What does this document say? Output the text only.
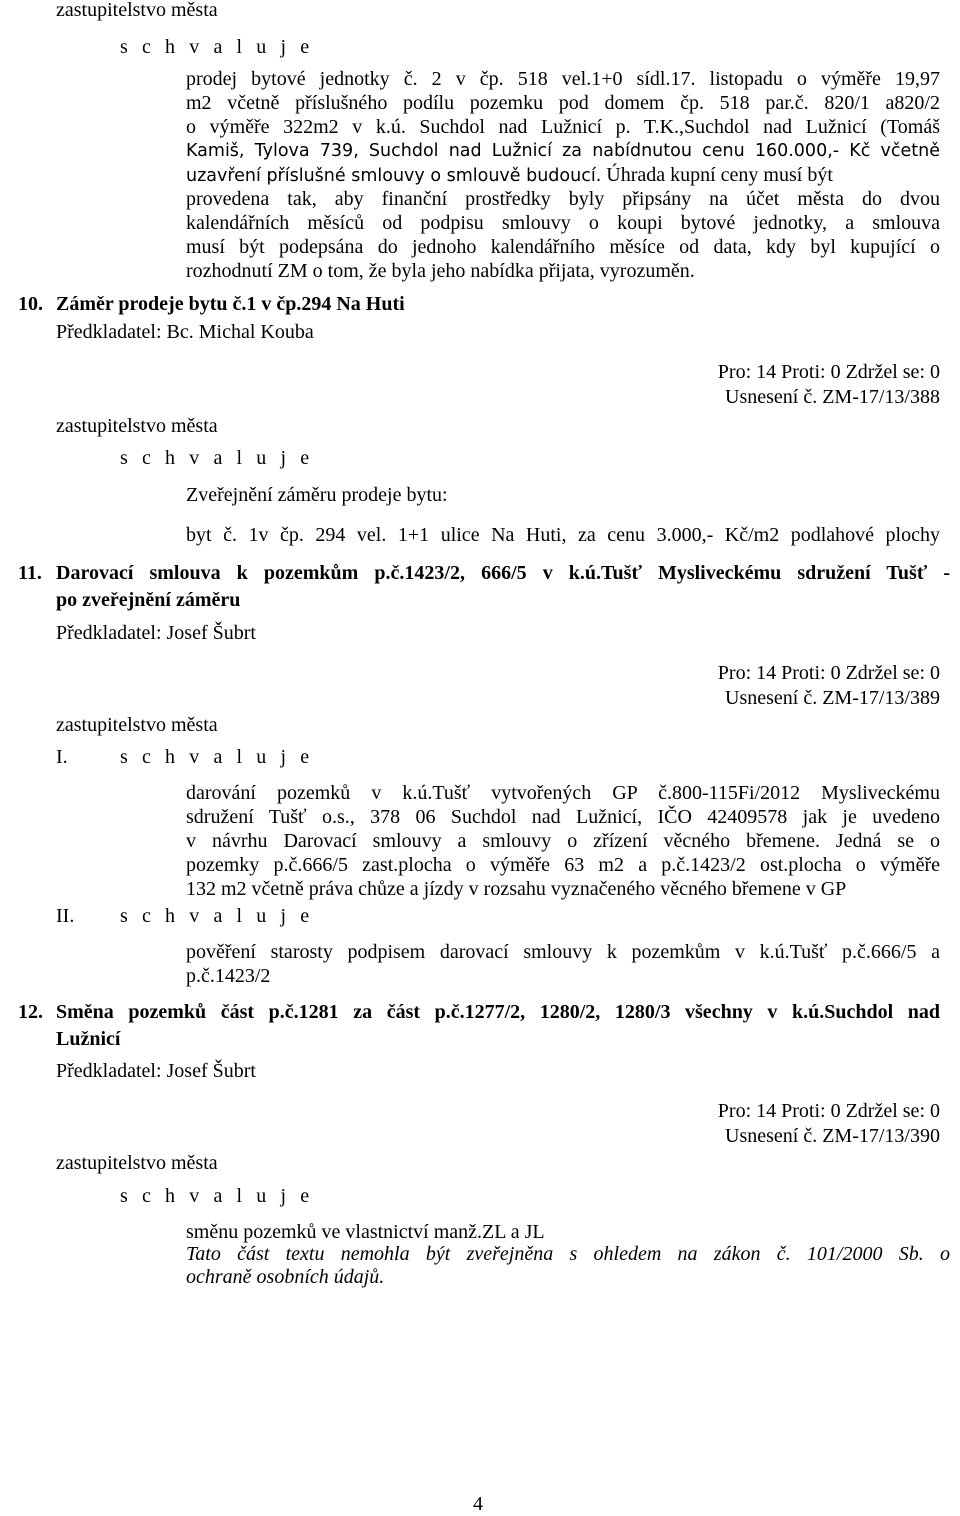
zastupitelstvo města

s c h v a l u j e

prodej bytové jednotky č. 2 v čp. 518 vel.1+0 sídl.17. listopadu o výměře 19,97

m2 včetně příslušného podílu pozemku pod domem čp. 518 par.č. 820/1 a820/2

o výměře 322m2 v k.ú. Suchdol nad Lužnicí p. T.K.,Suchdol nad Lužnicí (Tomáš

Kamiš, Tylova 739, Suchdol nad Lužnicí za nabídnutou cenu 160.000,- Kč včetně

uzavření příslušné smlouvy o smlouvě budoucí. Úhrada kupní ceny musí být

provedena tak, aby finanční prostředky byly připsány na účet města do dvou

kalendářních měsíců od podpisu smlouvy o koupi bytové jednotky, a smlouva

musí být podepsána do jednoho kalendářního měsíce od data, kdy byl kupující o

rozhodnutí ZM o tom, že byla jeho nabídka přijata, vyrozuměn.

10. Záměr prodeje bytu č.1 v čp.294 Na Huti

Předkladatel: Bc. Michal Kouba

Pro: 14 Proti: 0 Zdržel se: 0

Usnesení č. ZM-17/13/388

zastupitelstvo města

s c h v a l u j e

Zveřejnění záměru prodeje bytu:

byt č. 1v čp. 294 vel. 1+1 ulice Na Huti, za cenu 3.000,- Kč/m2 podlahové plochy

11. Darovací smlouva k pozemkům p.č.1423/2, 666/5 v k.ú.Tušť Mysliveckému sdružení Tušť -

po zveřejnění záměru

Předkladatel: Josef Šubrt

Pro: 14 Proti: 0 Zdržel se: 0

Usnesení č. ZM-17/13/389

zastupitelstvo města

I.	s c h v a l u j e

darování pozemků v k.ú.Tušť vytvořených GP č.800-115Fi/2012 Mysliveckému

sdružení Tušť o.s., 378 06 Suchdol nad Lužnicí, IČO 42409578 jak je uvedeno

v návrhu Darovací smlouvy a smlouvy o zřízení věcného břemene. Jedná se o

pozemky p.č.666/5 zast.plocha o výměře 63 m2 a p.č.1423/2 ost.plocha o výměře

132 m2 včetně práva chůze a jízdy v rozsahu vyznačeného věcného břemene v GP

II. s c h v a l u j e

pověření starosty podpisem darovací smlouvy k pozemkům v k.ú.Tušť p.č.666/5 a

p.č.1423/2

12. Směna pozemků část p.č.1281 za část p.č.1277/2, 1280/2, 1280/3 všechny v k.ú.Suchdol nad

Lužnicí

Předkladatel: Josef Šubrt

Pro: 14 Proti: 0 Zdržel se: 0

Usnesení č. ZM-17/13/390

zastupitelstvo města

s c h v a l u j e

směnu pozemků ve vlastnictví manž.ZL a JL

Tato část textu nemohla být zveřejněna s ohledem na zákon č. 101/2000 Sb. o

ochraně osobních údajů.

4
